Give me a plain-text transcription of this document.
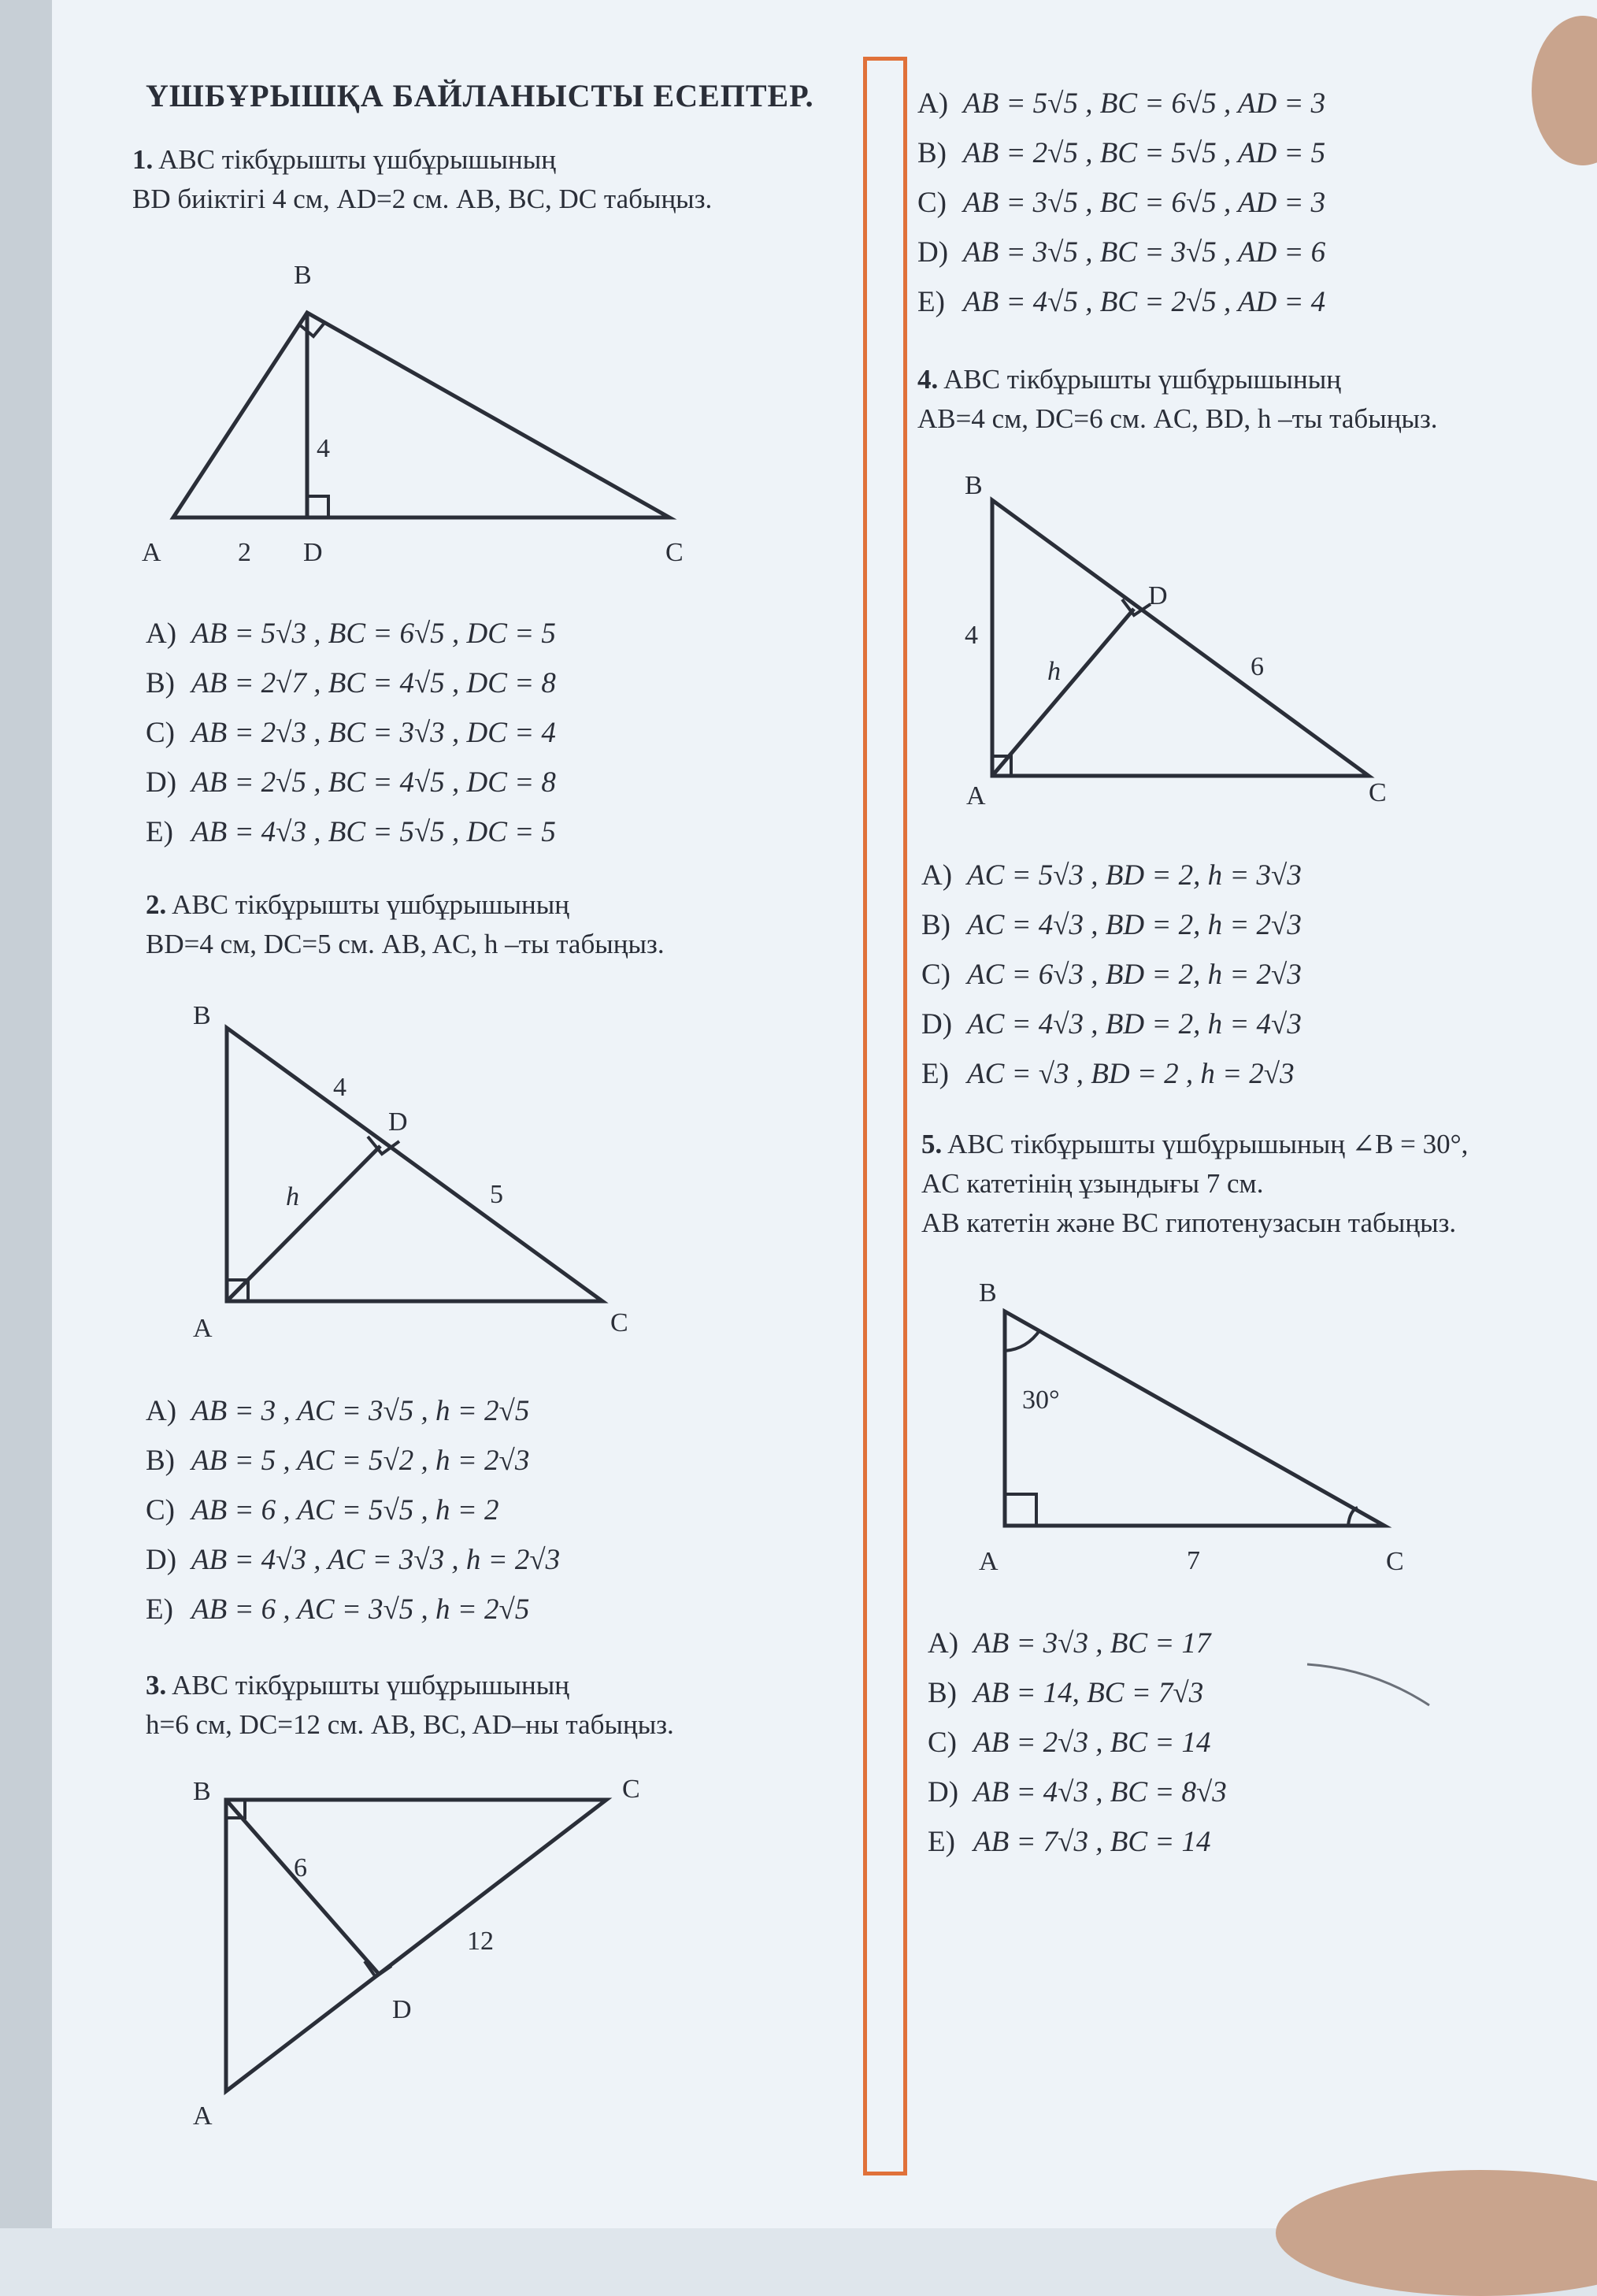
ҮШБҰРЫШҚА БАЙЛАНЫСТЫ ЕСЕПТЕР.
1. ABC тікбұрышты үшбұрышының
BD биіктігі 4 см, AD=2 см. AB, BC, DC табыңыз.
B
A	D	C
4
2
A) AB = 5√3 , BC = 6√5 , DC = 5
B) AB = 2√7 , BC = 4√5 , DC = 8
C) AB = 2√3 , BC = 3√3 , DC = 4
D) AB = 2√5 , BC = 4√5 , DC = 8
E) AB = 4√3 , BC = 5√5 , DC = 5
2. ABC тікбұрышты үшбұрышының
BD=4 см, DC=5 см. AB, AC, h –ты табыңыз.
B
A
D
C
4
5
h
A) AB = 3 , AC = 3√5 , h = 2√5
B) AB = 5 , AC = 5√2 , h = 2√3
C) AB = 6 , AC = 5√5 , h = 2
D) AB = 4√3 , AC = 3√3 , h = 2√3
E) AB = 6 , AC = 3√5 , h = 2√5
3. ABC тікбұрышты үшбұрышының
h=6 см, DC=12 см. AB, BC, AD–ны табыңыз.
B	C
A
D
6
12
A) AB = 5√5 , BC = 6√5 , AD = 3
B) AB = 2√5 , BC = 5√5 , AD = 5
C) AB = 3√5 , BC = 6√5 , AD = 3
D) AB = 3√5 , BC = 3√5 , AD = 6
E) AB = 4√5 , BC = 2√5 , AD = 4
4. ABC тікбұрышты үшбұрышының
AB=4 см, DC=6 см. AC, BD, h –ты табыңыз.
B
A
D
C
4
6
h
A) AC = 5√3 , BD = 2, h = 3√3
B) AC = 4√3 , BD = 2, h = 2√3
C) AC = 6√3 , BD = 2, h = 2√3
D) AC = 4√3 , BD = 2, h = 4√3
E) AC = √3 , BD = 2 , h = 2√3
5. ABC тікбұрышты үшбұрышының ∠B = 30°,
AC катетінің ұзындығы 7 см.
AB катетін және BC гипотенузасын табыңыз.
B
A	C
30°
7
A) AB = 3√3 , BC = 17
B) AB = 14, BC = 7√3
C) AB = 2√3 , BC = 14
D) AB = 4√3 , BC = 8√3
E) AB = 7√3 , BC = 14
